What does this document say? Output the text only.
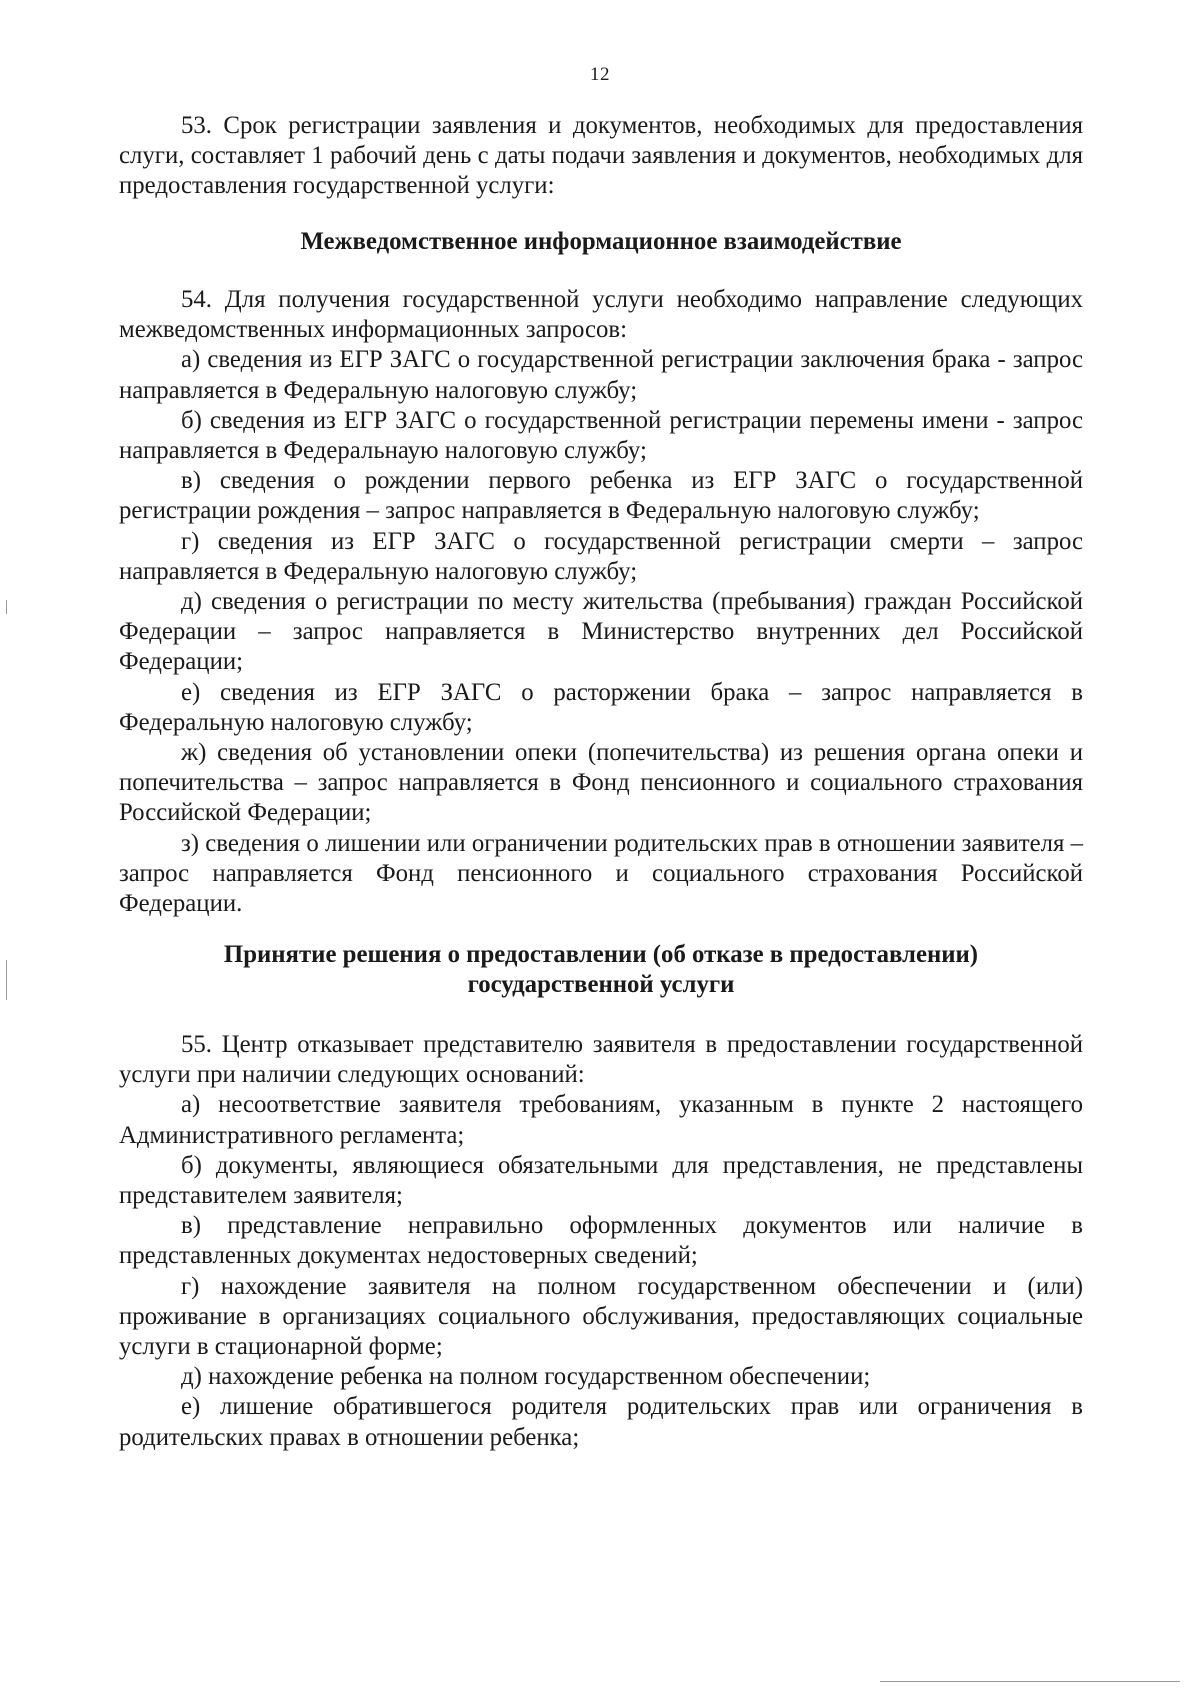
12

53. Срок регистрации заявления и документов, необходимых для предоставления слуги, составляет 1 рабочий день с даты подачи заявления и документов, необходимых для предоставления государственной услуги:

Межведомственное информационное взаимодействие

54. Для получения государственной услуги необходимо направление следующих межведомственных информационных запросов:

а) сведения из ЕГР ЗАГС о государственной регистрации заключения брака - запрос направляется в Федеральную налоговую службу;

б) сведения из ЕГР ЗАГС о государственной регистрации перемены имени - запрос направляется в Федеральнаую налоговую службу;

в) сведения о рождении первого ребенка из ЕГР ЗАГС о государственной регистрации рождения – запрос направляется в Федеральную налоговую службу;

г) сведения из ЕГР ЗАГС о государственной регистрации смерти – запрос направляется в Федеральную налоговую службу;

д) сведения о регистрации по месту жительства (пребывания) граждан Российской Федерации – запрос направляется в Министерство внутренних дел Российской Федерации;

е) сведения из ЕГР ЗАГС о расторжении брака – запрос направляется в Федеральную налоговую службу;

ж) сведения об установлении опеки (попечительства) из решения органа опеки и попечительства – запрос направляется в Фонд пенсионного и социального страхования Российской Федерации;

з) сведения о лишении или ограничении родительских прав в отношении заявителя – запрос направляется Фонд пенсионного и социального страхования Российской Федерации.

Принятие решения о предоставлении (об отказе в предоставлении)
государственной услуги

55. Центр отказывает представителю заявителя в предоставлении государственной услуги при наличии следующих оснований:

а) несоответствие заявителя требованиям, указанным в пункте 2 настоящего Административного регламента;

б) документы, являющиеся обязательными для представления, не представлены представителем заявителя;

в) представление неправильно оформленных документов или наличие в представленных документах недостоверных сведений;

г) нахождение заявителя на полном государственном обеспечении и (или) проживание в организациях социального обслуживания, предоставляющих социальные услуги в стационарной форме;

д) нахождение ребенка на полном государственном обеспечении;

е) лишение обратившегося родителя родительских прав или ограничения в родительских правах в отношении ребенка;
